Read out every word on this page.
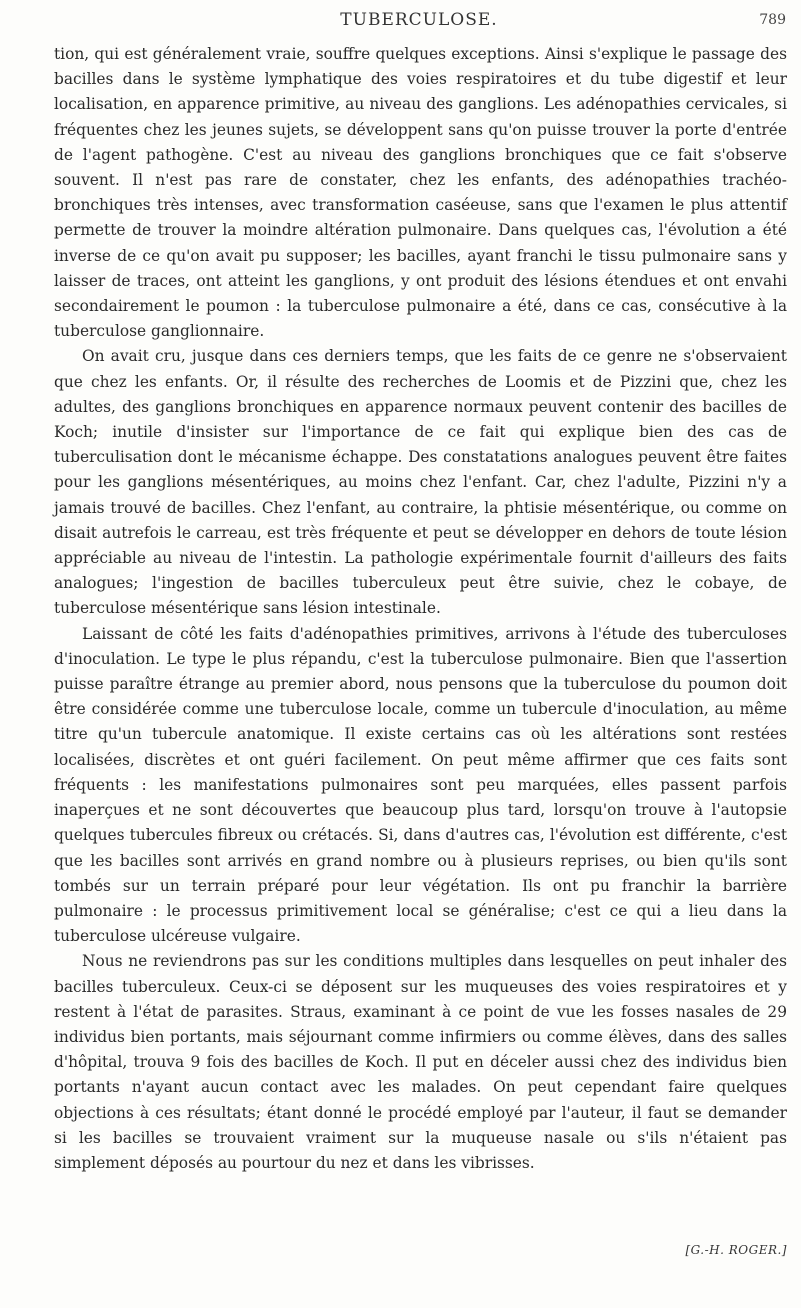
TUBERCULOSE.	789

tion, qui est généralement vraie, souffre quelques exceptions. Ainsi s'explique le passage des bacilles dans le système lymphatique des voies respiratoires et du tube digestif et leur localisation, en apparence primitive, au niveau des ganglions. Les adénopathies cervicales, si fréquentes chez les jeunes sujets, se développent sans qu'on puisse trouver la porte d'entrée de l'agent pathogène. C'est au niveau des ganglions bronchiques que ce fait s'observe souvent. Il n'est pas rare de constater, chez les enfants, des adénopathies trachéo-bronchiques très intenses, avec transformation caséeuse, sans que l'examen le plus attentif permette de trouver la moindre altération pulmonaire. Dans quelques cas, l'évolution a été inverse de ce qu'on avait pu supposer; les bacilles, ayant franchi le tissu pulmonaire sans y laisser de traces, ont atteint les ganglions, y ont produit des lésions étendues et ont envahi secondairement le poumon : la tuberculose pulmonaire a été, dans ce cas, consécutive à la tuberculose ganglionnaire.

On avait cru, jusque dans ces derniers temps, que les faits de ce genre ne s'observaient que chez les enfants. Or, il résulte des recherches de Loomis et de Pizzini que, chez les adultes, des ganglions bronchiques en apparence normaux peuvent contenir des bacilles de Koch; inutile d'insister sur l'importance de ce fait qui explique bien des cas de tuberculisation dont le mécanisme échappe. Des constatations analogues peuvent être faites pour les ganglions mésentériques, au moins chez l'enfant. Car, chez l'adulte, Pizzini n'y a jamais trouvé de bacilles. Chez l'enfant, au contraire, la phtisie mésentérique, ou comme on disait autrefois le carreau, est très fréquente et peut se développer en dehors de toute lésion appréciable au niveau de l'intestin. La pathologie expérimentale fournit d'ailleurs des faits analogues; l'ingestion de bacilles tuberculeux peut être suivie, chez le cobaye, de tuberculose mésentérique sans lésion intestinale.

Laissant de côté les faits d'adénopathies primitives, arrivons à l'étude des tuberculoses d'inoculation. Le type le plus répandu, c'est la tuberculose pulmonaire. Bien que l'assertion puisse paraître étrange au premier abord, nous pensons que la tuberculose du poumon doit être considérée comme une tuberculose locale, comme un tubercule d'inoculation, au même titre qu'un tubercule anatomique. Il existe certains cas où les altérations sont restées localisées, discrètes et ont guéri facilement. On peut même affirmer que ces faits sont fréquents : les manifestations pulmonaires sont peu marquées, elles passent parfois inaperçues et ne sont découvertes que beaucoup plus tard, lorsqu'on trouve à l'autopsie quelques tubercules fibreux ou crétacés. Si, dans d'autres cas, l'évolution est différente, c'est que les bacilles sont arrivés en grand nombre ou à plusieurs reprises, ou bien qu'ils sont tombés sur un terrain préparé pour leur végétation. Ils ont pu franchir la barrière pulmonaire : le processus primitivement local se généralise; c'est ce qui a lieu dans la tuberculose ulcéreuse vulgaire.

Nous ne reviendrons pas sur les conditions multiples dans lesquelles on peut inhaler des bacilles tuberculeux. Ceux-ci se déposent sur les muqueuses des voies respiratoires et y restent à l'état de parasites. Straus, examinant à ce point de vue les fosses nasales de 29 individus bien portants, mais séjournant comme infirmiers ou comme élèves, dans des salles d'hôpital, trouva 9 fois des bacilles de Koch. Il put en déceler aussi chez des individus bien portants n'ayant aucun contact avec les malades. On peut cependant faire quelques objections à ces résultats; étant donné le procédé employé par l'auteur, il faut se demander si les bacilles se trouvaient vraiment sur la muqueuse nasale ou s'ils n'étaient pas simplement déposés au pourtour du nez et dans les vibrisses.

[G.-H. ROGER.]
